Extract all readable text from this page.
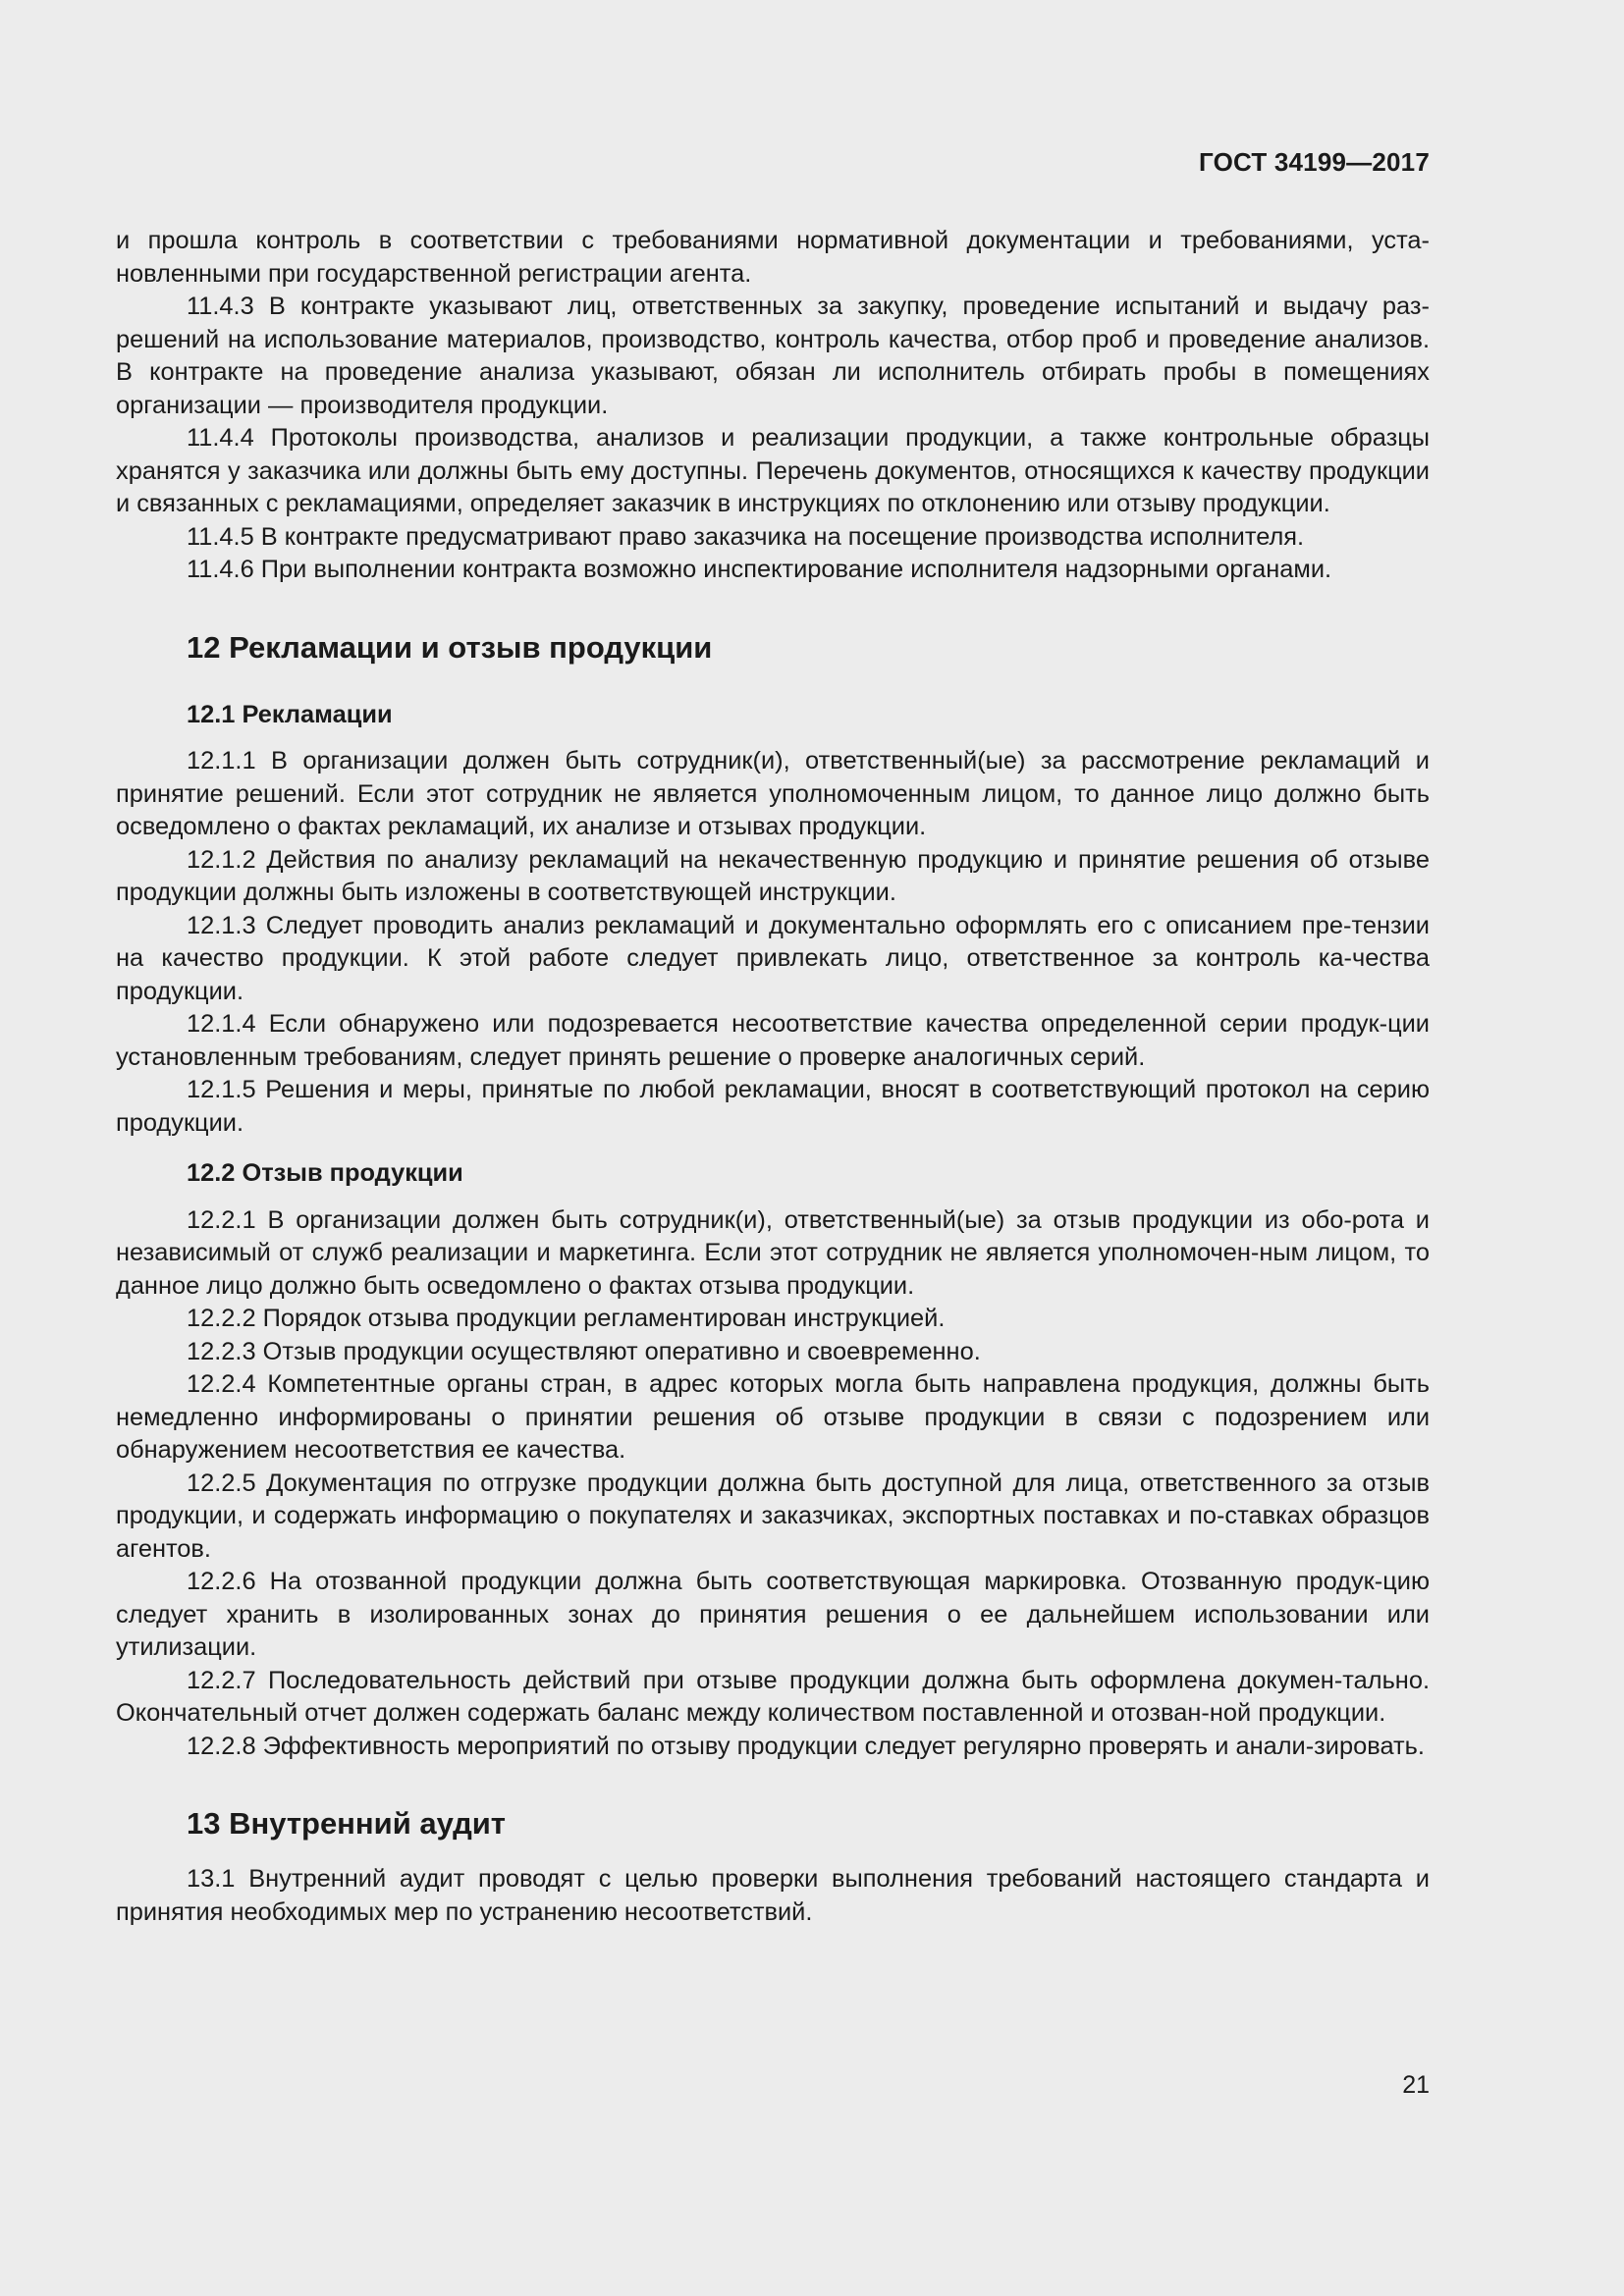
ГОСТ 34199—2017

и прошла контроль в соответствии с требованиями нормативной документации и требованиями, уста-новленными при государственной регистрации агента.

11.4.3 В контракте указывают лиц, ответственных за закупку, проведение испытаний и выдачу раз-решений на использование материалов, производство, контроль качества, отбор проб и проведение анализов. В контракте на проведение анализа указывают, обязан ли исполнитель отбирать пробы в помещениях организации — производителя продукции.

11.4.4 Протоколы производства, анализов и реализации продукции, а также контрольные образцы хранятся у заказчика или должны быть ему доступны. Перечень документов, относящихся к качеству продукции и связанных с рекламациями, определяет заказчик в инструкциях по отклонению или отзыву продукции.

11.4.5 В контракте предусматривают право заказчика на посещение производства исполнителя.

11.4.6 При выполнении контракта возможно инспектирование исполнителя надзорными органами.

12 Рекламации и отзыв продукции
12.1 Рекламации

12.1.1 В организации должен быть сотрудник(и), ответственный(ые) за рассмотрение рекламаций и принятие решений. Если этот сотрудник не является уполномоченным лицом, то данное лицо должно быть осведомлено о фактах рекламаций, их анализе и отзывах продукции.

12.1.2 Действия по анализу рекламаций на некачественную продукцию и принятие решения об отзыве продукции должны быть изложены в соответствующей инструкции.

12.1.3 Следует проводить анализ рекламаций и документально оформлять его с описанием пре-тензии на качество продукции. К этой работе следует привлекать лицо, ответственное за контроль ка-чества продукции.

12.1.4 Если обнаружено или подозревается несоответствие качества определенной серии продук-ции установленным требованиям, следует принять решение о проверке аналогичных серий.

12.1.5 Решения и меры, принятые по любой рекламации, вносят в соответствующий протокол на серию продукции.

12.2 Отзыв продукции

12.2.1 В организации должен быть сотрудник(и), ответственный(ые) за отзыв продукции из обо-рота и независимый от служб реализации и маркетинга. Если этот сотрудник не является уполномочен-ным лицом, то данное лицо должно быть осведомлено о фактах отзыва продукции.

12.2.2 Порядок отзыва продукции регламентирован инструкцией.

12.2.3 Отзыв продукции осуществляют оперативно и своевременно.

12.2.4 Компетентные органы стран, в адрес которых могла быть направлена продукция, должны быть немедленно информированы о принятии решения об отзыве продукции в связи с подозрением или обнаружением несоответствия ее качества.

12.2.5 Документация по отгрузке продукции должна быть доступной для лица, ответственного за отзыв продукции, и содержать информацию о покупателях и заказчиках, экспортных поставках и по-ставках образцов агентов.

12.2.6 На отозванной продукции должна быть соответствующая маркировка. Отозванную продук-цию следует хранить в изолированных зонах до принятия решения о ее дальнейшем использовании или утилизации.

12.2.7 Последовательность действий при отзыве продукции должна быть оформлена докумен-тально. Окончательный отчет должен содержать баланс между количеством поставленной и отозван-ной продукции.

12.2.8 Эффективность мероприятий по отзыву продукции следует регулярно проверять и анали-зировать.

13 Внутренний аудит

13.1 Внутренний аудит проводят с целью проверки выполнения требований настоящего стандарта и принятия необходимых мер по устранению несоответствий.

21
